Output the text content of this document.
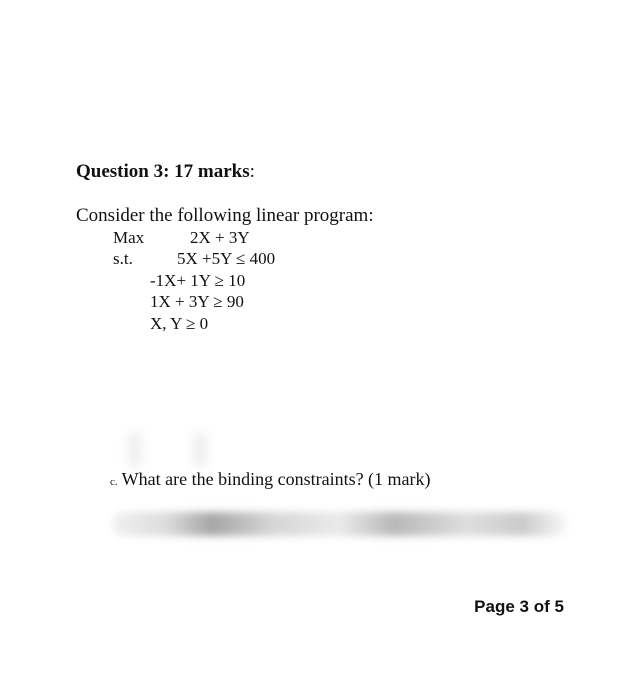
Question 3: 17 marks:
Consider the following linear program:
Max	2X + 3Y
s.t.	5X +5Y ≤ 400
-1X+ 1Y ≥ 10
1X + 3Y ≥ 90
X, Y ≥ 0
c. What are the binding constraints? (1 mark)
Page 3 of 5
